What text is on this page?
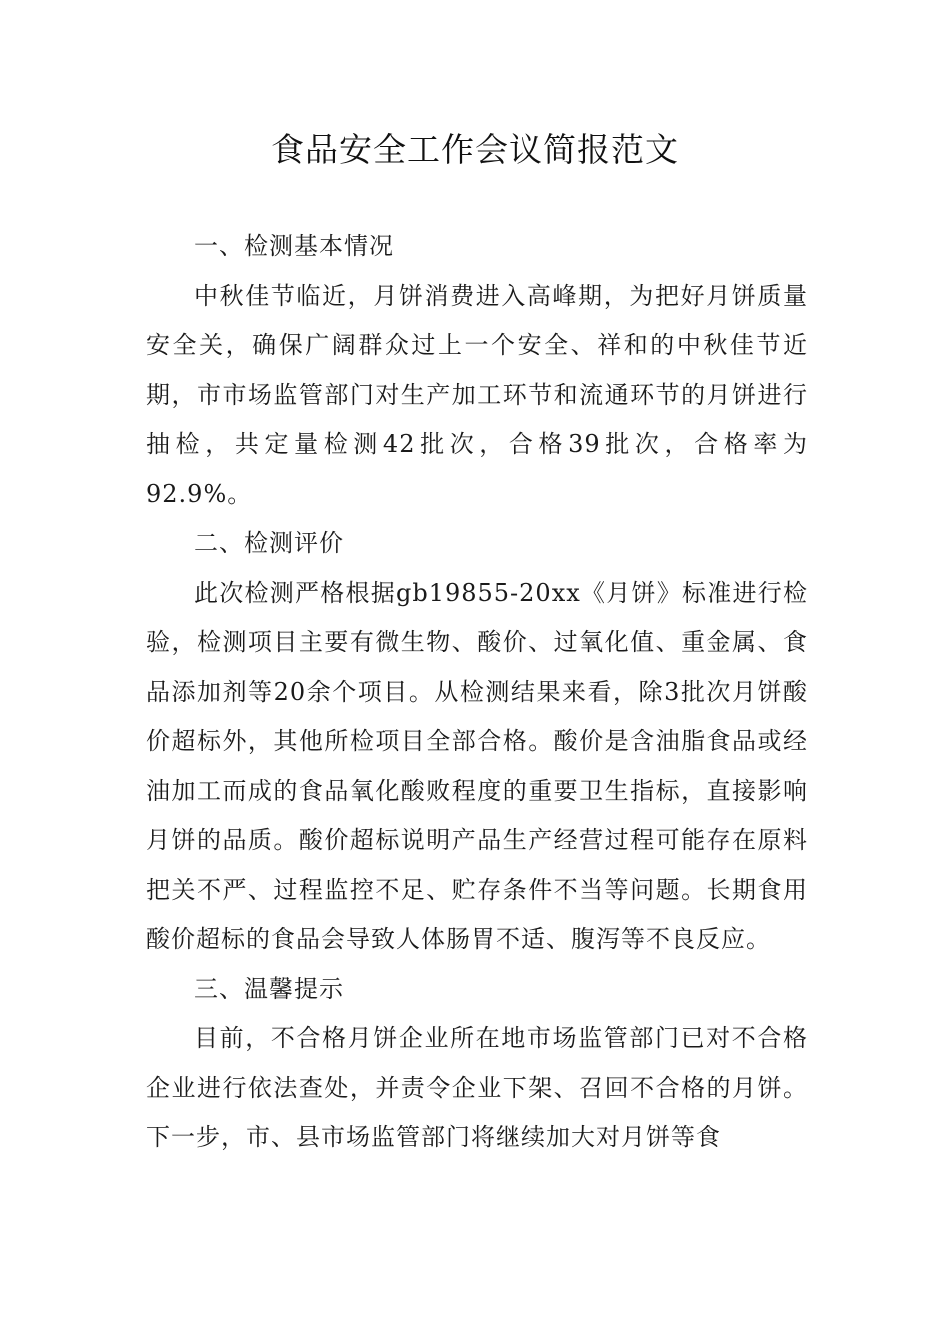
食品安全工作会议简报范文

一、检测基本情况

中秋佳节临近，月饼消费进入高峰期，为把好月饼质量安全关，确保广阔群众过上一个安全、祥和的中秋佳节近期，市市场监管部门对生产加工环节和流通环节的月饼进行抽检，共定量检测42批次，合格39批次，合格率为92.9%。

二、检测评价

此次检测严格根据gb19855-20xx《月饼》标准进行检验，检测项目主要有微生物、酸价、过氧化值、重金属、食品添加剂等20余个项目。从检测结果来看，除3批次月饼酸价超标外，其他所检项目全部合格。酸价是含油脂食品或经油加工而成的食品氧化酸败程度的重要卫生指标，直接影响月饼的品质。酸价超标说明产品生产经营过程可能存在原料把关不严、过程监控不足、贮存条件不当等问题。长期食用酸价超标的食品会导致人体肠胃不适、腹泻等不良反应。

三、温馨提示

目前，不合格月饼企业所在地市场监管部门已对不合格企业进行依法查处，并责令企业下架、召回不合格的月饼。下一步，市、县市场监管部门将继续加大对月饼等食
